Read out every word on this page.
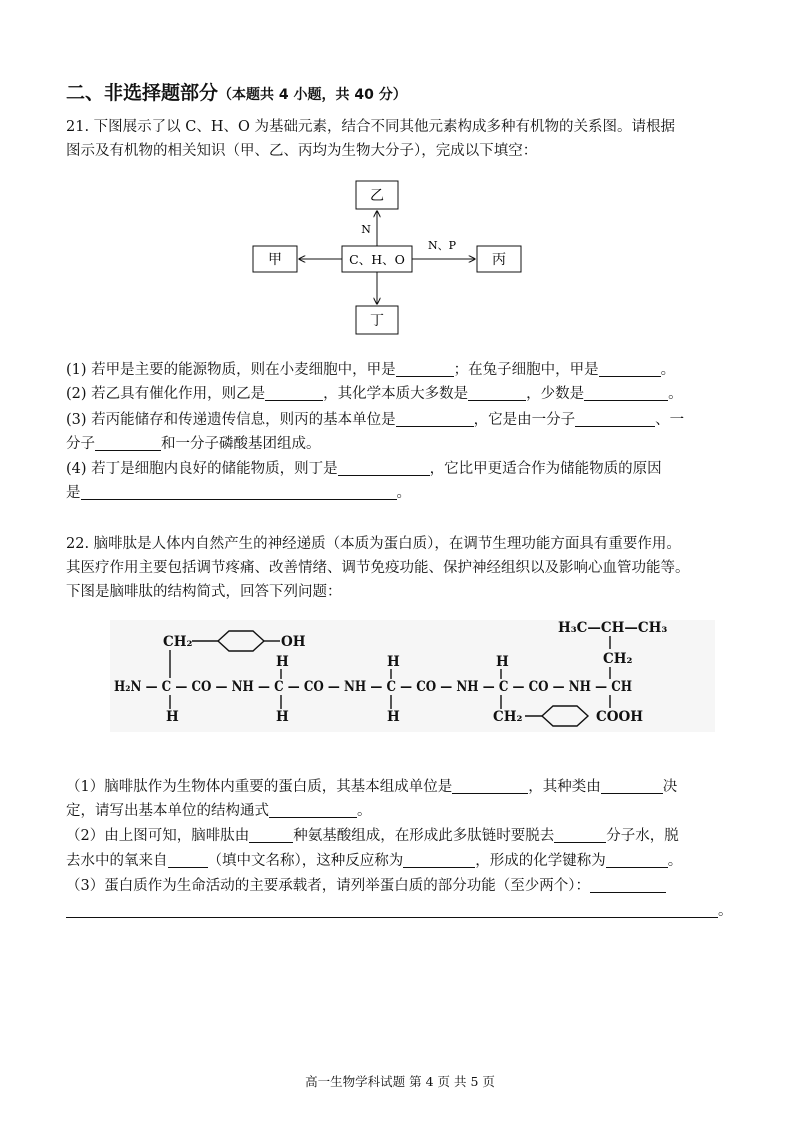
二、非选择题部分（本题共 4 小题，共 40 分）
21. 下图展示了以 C、H、O 为基础元素，结合不同其他元素构成多种有机物的关系图。请根据
图示及有机物的相关知识（甲、乙、丙均为生物大分子），完成以下填空：
乙
甲	C、H、O	丙
丁
N
N、P
(1) 若甲是主要的能源物质，则在小麦细胞中，甲是	；在兔子细胞中，甲是	。
(2) 若乙具有催化作用，则乙是	，其化学本质大多数是	，少数是	。
(3) 若丙能储存和传递遗传信息，则丙的基本单位是	，它是由一分子	、一
分子	和一分子磷酸基团组成。
(4) 若丁是细胞内良好的储能物质，则丁是	，它比甲更适合作为储能物质的原因
是	。
22. 脑啡肽是人体内自然产生的神经递质（本质为蛋白质），在调节生理功能方面具有重要作用。
其医疗作用主要包括调节疼痛、改善情绪、调节免疫功能、保护神经组织以及影响心血管功能等。
下图是脑啡肽的结构简式，回答下列问题：
H₂N — C — CO — NH — C — CO — NH — C — CO — NH — C — CO — NH — CH
CH₂	OH
H
H
H
H
H
H
CH₂
H₃C—CH—CH₃
CH₂
COOH
（1）脑啡肽作为生物体内重要的蛋白质，其基本组成单位是	，其种类由	决
定，请写出基本单位的结构通式	。
（2）由上图可知，脑啡肽由	种氨基酸组成，在形成此多肽链时要脱去	分子水，脱
去水中的氧来自	（填中文名称），这种反应称为	，形成的化学键称为	。
（3）蛋白质作为生命活动的主要承载者，请列举蛋白质的部分功能（至少两个）：
。
高一生物学科试题 第 4 页 共 5 页
